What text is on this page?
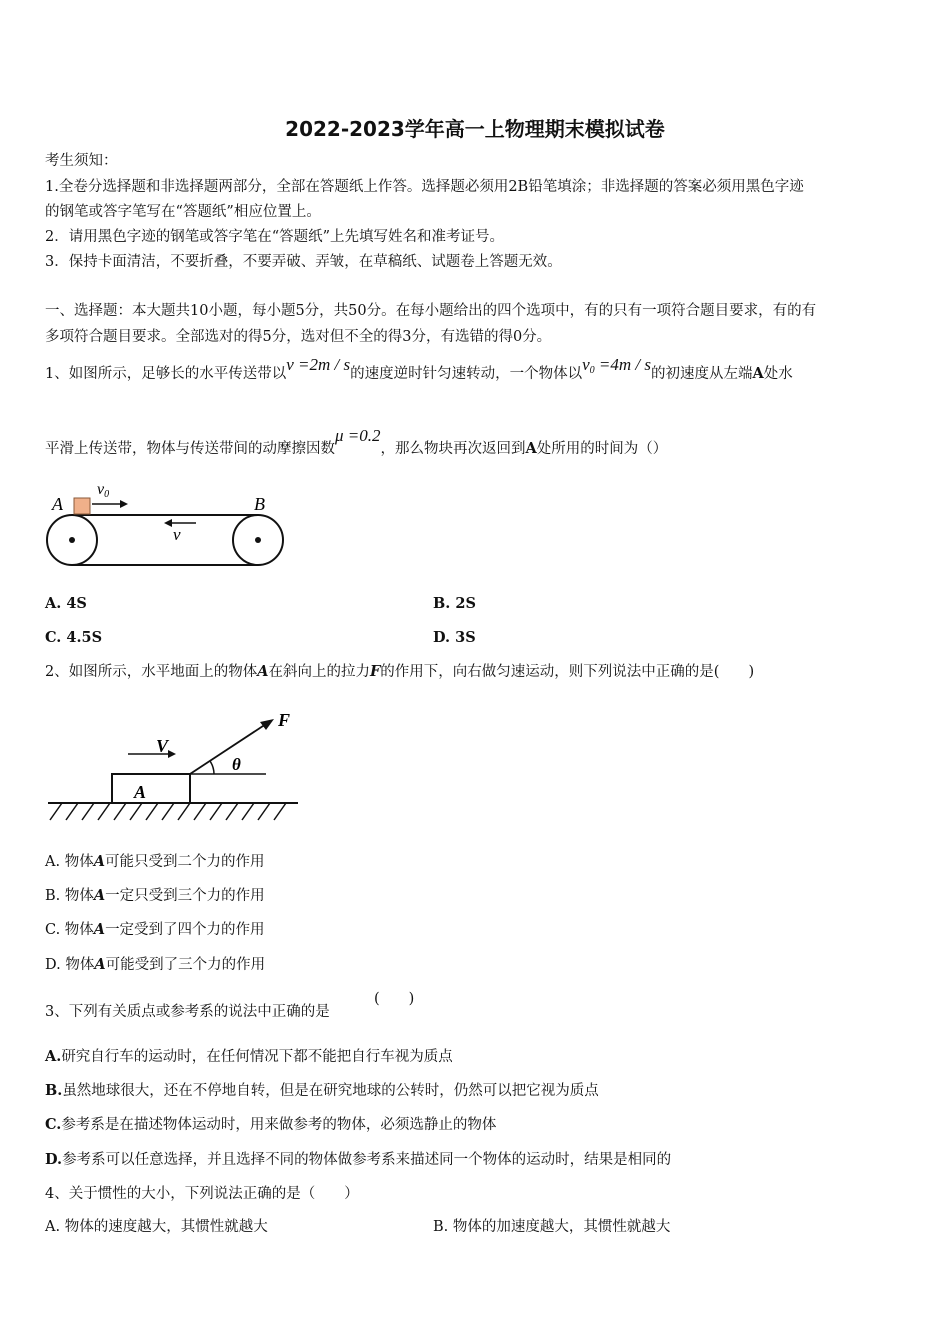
2022-2023学年高一上物理期末模拟试卷
考生须知：
1.全卷分选择题和非选择题两部分，全部在答题纸上作答。选择题必须用2B铅笔填涂；非选择题的答案必须用黑色字迹
的钢笔或答字笔写在“答题纸”相应位置上。
2．请用黑色字迹的钢笔或答字笔在“答题纸”上先填写姓名和准考证号。
3．保持卡面清洁，不要折叠，不要弄破、弄皱，在草稿纸、试题卷上答题无效。
一、选择题：本大题共10小题，每小题5分，共50分。在每小题给出的四个选项中，有的只有一项符合题目要求，有的有
多项符合题目要求。全部选对的得5分，选对但不全的得3分，有选错的得0分。
1、如图所示，足够长的水平传送带以v =2m / s的速度逆时针匀速转动，一个物体以$v_0 =4m / s$的初速度从左端A处水
平滑上传送带，物体与传送带间的动摩擦因数μ =0.2，那么物块再次返回到A处所用的时间为（）
A	B
v0
v
A. 4S	B. 2S
C. 4.5S	D. 3S
2、如图所示，水平地面上的物体A在斜向上的拉力F的作用下，向右做匀速运动，则下列说法中正确的是(　　)
A
V
F
θ
A. 物体A可能只受到二个力的作用
B. 物体A一定只受到三个力的作用
C. 物体A一定受到了四个力的作用
D. 物体A可能受到了三个力的作用
3、下列有关质点或参考系的说法中正确的是
(　　)
A.研究自行车的运动时，在任何情况下都不能把自行车视为质点
B.虽然地球很大，还在不停地自转，但是在研究地球的公转时，仍然可以把它视为质点
C.参考系是在描述物体运动时，用来做参考的物体，必须选静止的物体
D.参考系可以任意选择，并且选择不同的物体做参考系来描述同一个物体的运动时，结果是相同的
4、关于惯性的大小，下列说法正确的是（　　）
A. 物体的速度越大，其惯性就越大	B. 物体的加速度越大，其惯性就越大
